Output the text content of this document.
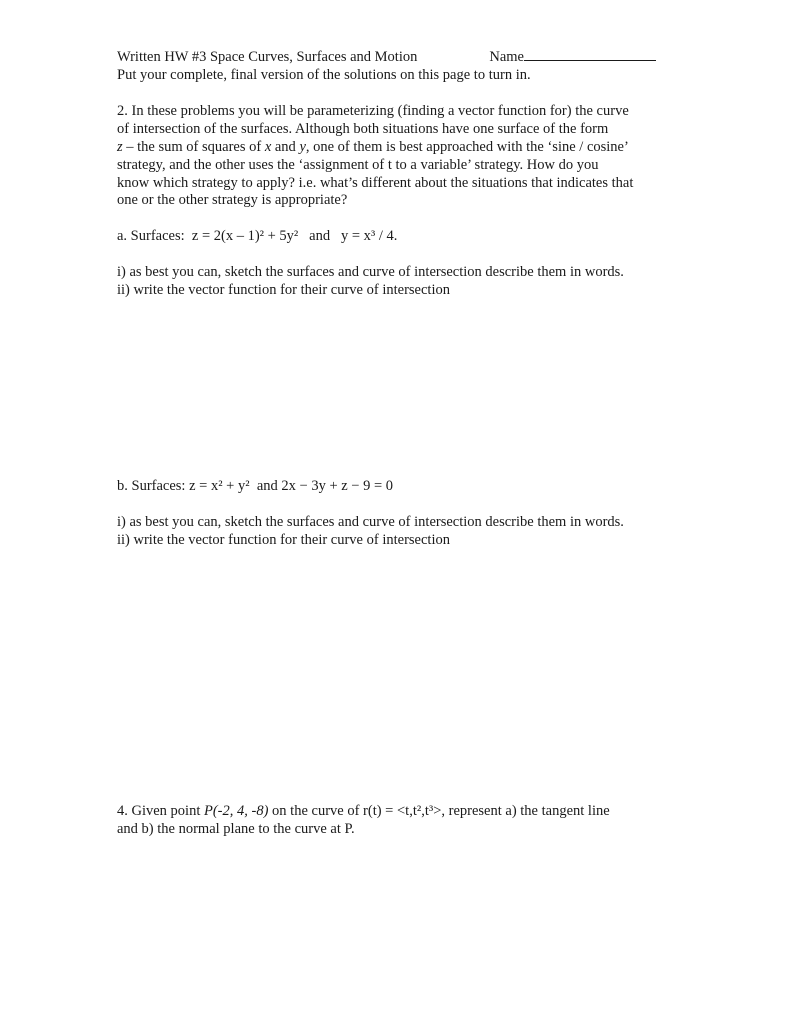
Written HW #3 Space Curves, Surfaces and Motion	Name
Put your complete, final version of the solutions on this page to turn in.
2. In these problems you will be parameterizing (finding a vector function for) the curve
of intersection of the surfaces. Although both situations have one surface of the form
z – the sum of squares of x and y, one of them is best approached with the ‘sine / cosine’
strategy, and the other uses the ‘assignment of t to a variable’ strategy. How do you
know which strategy to apply? i.e. what’s different about the situations that indicates that
one or the other strategy is appropriate?
a. Surfaces: z = 2(x – 1)² + 5y² and y = x³ / 4.
i) as best you can, sketch the surfaces and curve of intersection describe them in words.
ii) write the vector function for their curve of intersection
b. Surfaces: z = x² + y² and 2x − 3y + z − 9 = 0
i) as best you can, sketch the surfaces and curve of intersection describe them in words.
ii) write the vector function for their curve of intersection
4. Given point P(-2, 4, -8) on the curve of r(t) = <t,t²,t³>, represent a) the tangent line
and b) the normal plane to the curve at P.
